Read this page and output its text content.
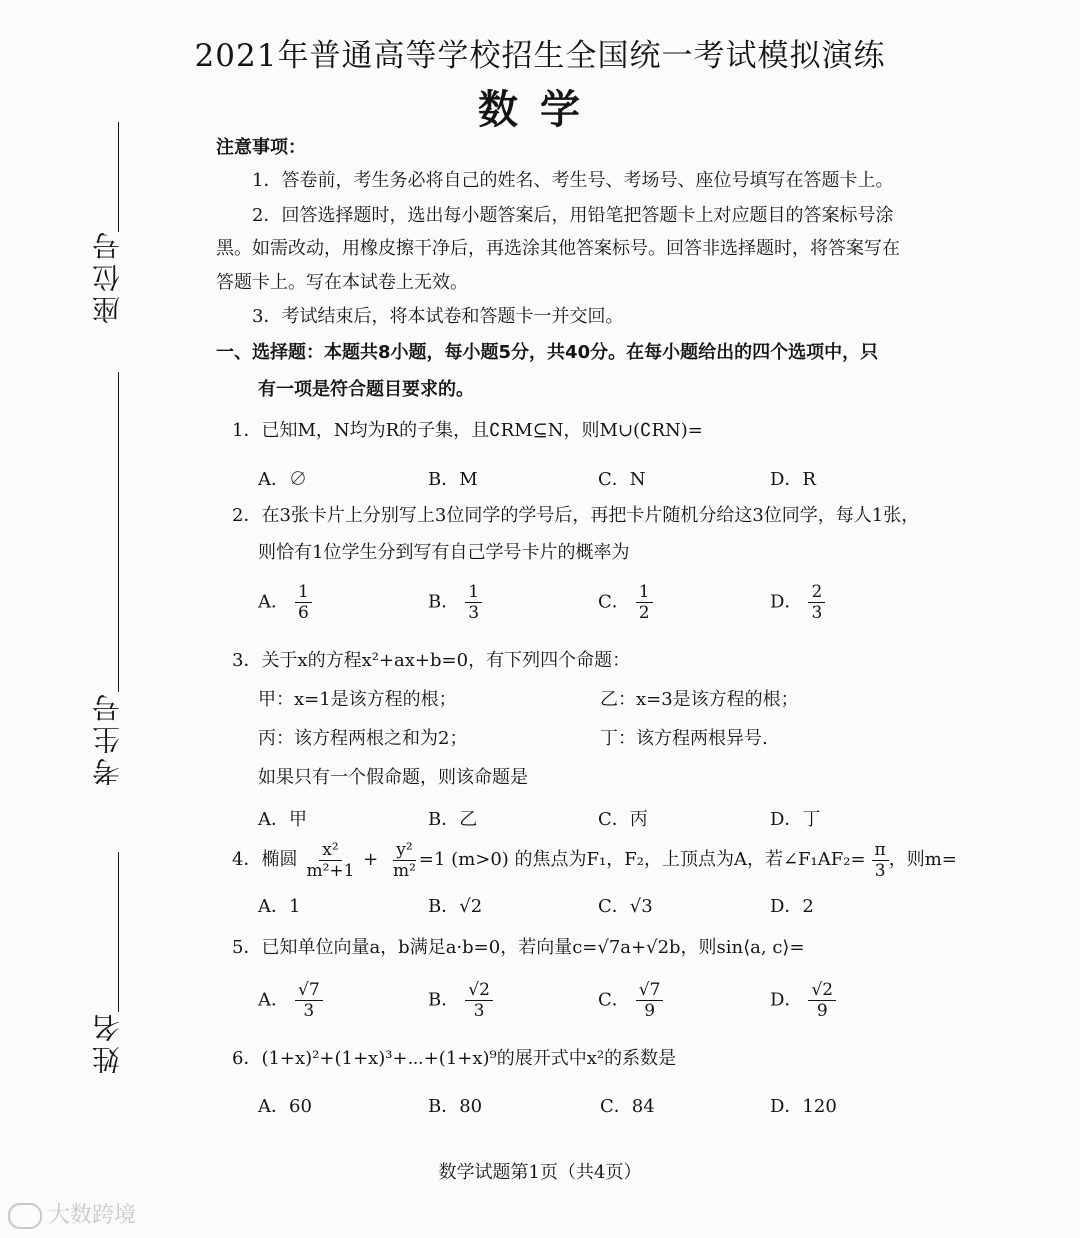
2021年普通高等学校招生全国统一考试模拟演练
数学
座位号
考生号
姓名
注意事项：
1．答卷前，考生务必将自己的姓名、考生号、考场号、座位号填写在答题卡上。
2．回答选择题时，选出每小题答案后，用铅笔把答题卡上对应题目的答案标号涂
黑。如需改动，用橡皮擦干净后，再选涂其他答案标号。回答非选择题时，将答案写在
答题卡上。写在本试卷上无效。
3．考试结束后，将本试卷和答题卡一并交回。
一、选择题：本题共8小题，每小题5分，共40分。在每小题给出的四个选项中，只
有一项是符合题目要求的。
1．已知M，N均为R的子集，且∁RM⊆N，则M∪(∁RN)=
A．∅	B．M	C．N	D．R
2．在3张卡片上分别写上3位同学的学号后，再把卡片随机分给这3位同学，每人1张，
则恰有1位学生分到写有自己学号卡片的概率为
A． $\frac{1}{6}$	B． $\frac{1}{3}$	C． $\frac{1}{2}$	D． $\frac{2}{3}$
3．关于x的方程x²+ax+b=0，有下列四个命题：
甲：x=1是该方程的根；	乙：x=3是该方程的根；
丙：该方程两根之和为2；	丁：该方程两根异号.
如果只有一个假命题，则该命题是
A．甲	B．乙	C．丙	D．丁
4．椭圆 $\frac{\text{x²}}{\text{m²+1}} + \frac{\text{y²}}{\text{m²}} =1$ (m>0) 的焦点为F₁，F₂，上顶点为A，若∠F₁AF₂= $\frac{\pi}{3}$ ，则m=
A．1	B．√2	C．√3	D．2
5．已知单位向量a，b满足a·b=0，若向量c=√7a+√2b，则sin⟨a, c⟩=
A． $\frac{√7}{3}$	B． $\frac{√2}{3}$	C． $\frac{√7}{9}$	D． $\frac{√2}{9}$
6．(1+x)²+(1+x)³+⋯+(1+x)⁹的展开式中x²的系数是
A．60	B．80	C．84	D．120
数学试题第1页（共4页）
大数跨境
